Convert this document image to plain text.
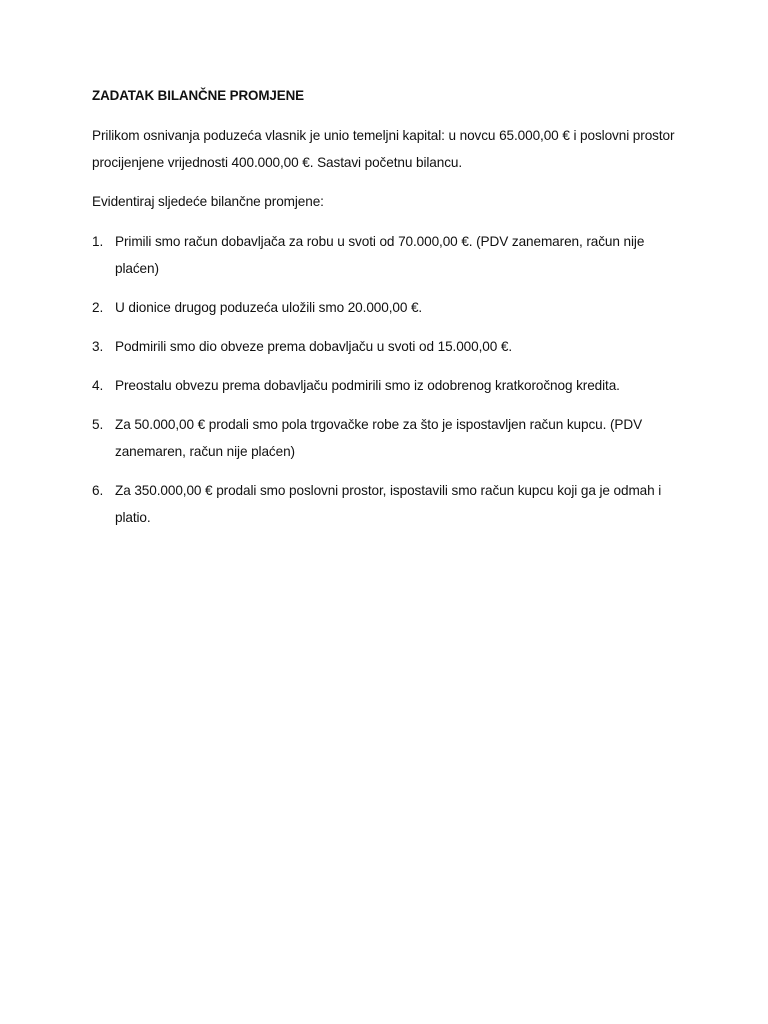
ZADATAK BILANČNE PROMJENE

Prilikom osnivanja poduzeća vlasnik je unio temeljni kapital: u novcu 65.000,00 € i poslovni prostor procijenjene vrijednosti 400.000,00 €. Sastavi početnu bilancu.

Evidentiraj sljedeće bilančne promjene:

1. Primili smo račun dobavljača za robu u svoti od 70.000,00 €. (PDV zanemaren, račun nije plaćen)
2. U dionice drugog poduzeća uložili smo 20.000,00 €.
3. Podmirili smo dio obveze prema dobavljaču u svoti od 15.000,00 €.
4. Preostalu obvezu prema dobavljaču podmirili smo iz odobrenog kratkoročnog kredita.
5. Za 50.000,00 € prodali smo pola trgovačke robe za što je ispostavljen račun kupcu. (PDV zanemaren, račun nije plaćen)
6. Za 350.000,00 € prodali smo poslovni prostor, ispostavili smo račun kupcu koji ga je odmah i platio.
